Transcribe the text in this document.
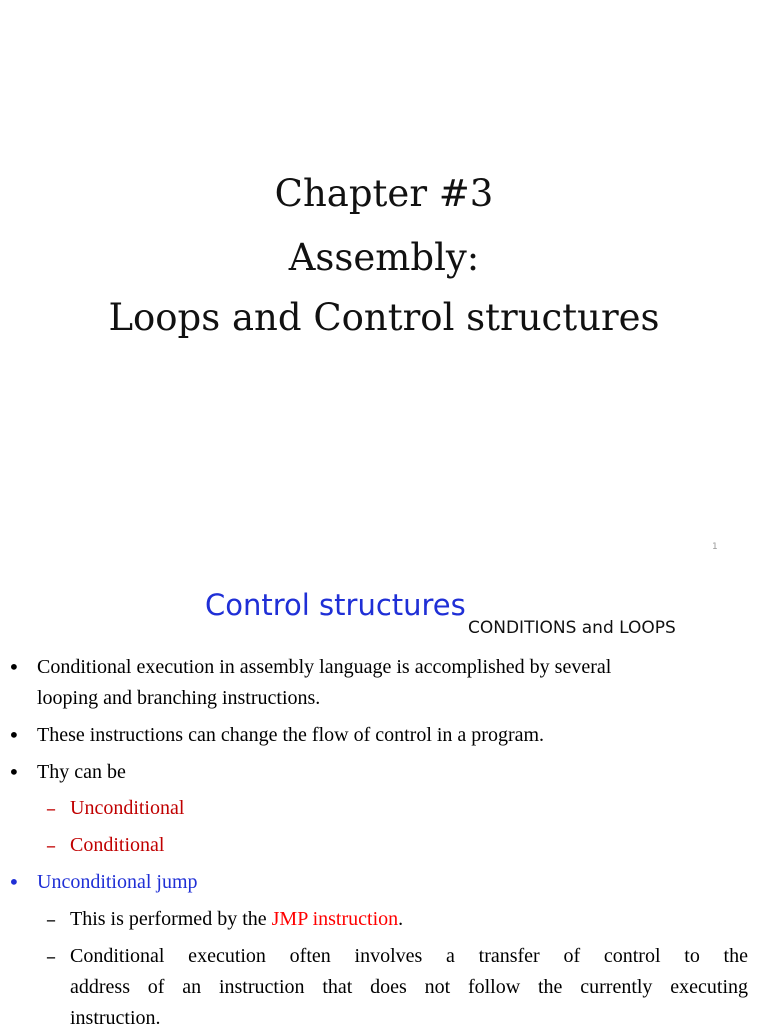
Chapter #3
Assembly:
Loops and Control structures
1
Control structures
CONDITIONS and LOOPS
• Conditional execution in assembly language is accomplished by several
looping and branching instructions.
• These instructions can change the flow of control in a program.
• Thy can be
– Unconditional
– Conditional
• Unconditional jump
– This is performed by the JMP instruction.
– Conditional execution often involves a transfer of control to the
address of an instruction that does not follow the currently executing
instruction.
